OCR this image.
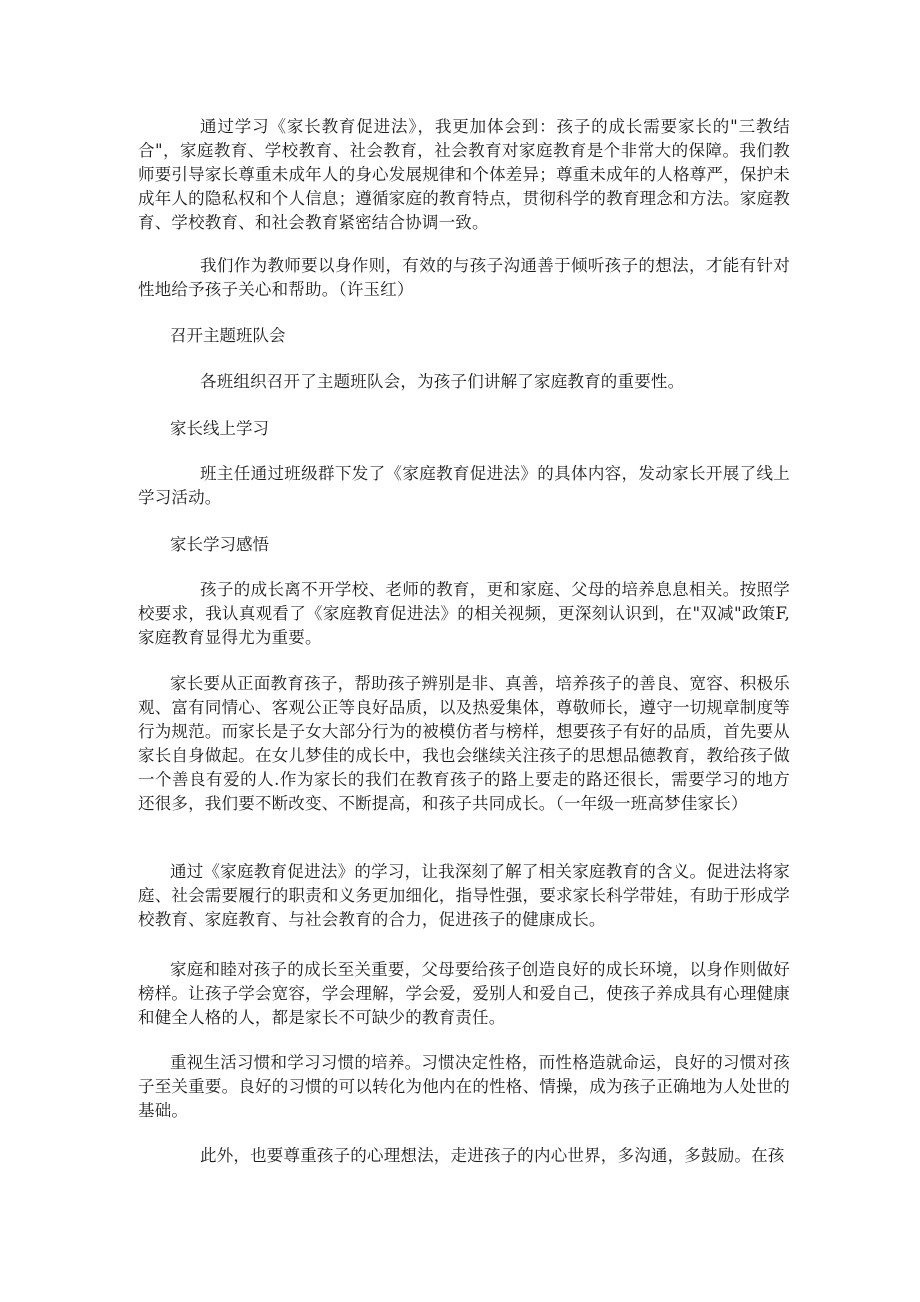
通过学习《家长教育促进法》，我更加体会到：孩子的成长需要家长的"三教结合"，家庭教育、学校教育、社会教育，社会教育对家庭教育是个非常大的保障。我们教师要引导家长尊重未成年人的身心发展规律和个体差异；尊重未成年的人格尊严，保护未成年人的隐私权和个人信息；遵循家庭的教育特点，贯彻科学的教育理念和方法。家庭教育、学校教育、和社会教育紧密结合协调一致。

我们作为教师要以身作则，有效的与孩子沟通善于倾听孩子的想法，才能有针对性地给予孩子关心和帮助。（许玉红）

召开主题班队会

各班组织召开了主题班队会，为孩子们讲解了家庭教育的重要性。

家长线上学习

班主任通过班级群下发了《家庭教育促进法》的具体内容，发动家长开展了线上学习活动。

家长学习感悟

孩子的成长离不开学校、老师的教育，更和家庭、父母的培养息息相关。按照学校要求，我认真观看了《家庭教育促进法》的相关视频，更深刻认识到，在"双减"政策F,家庭教育显得尤为重要。

家长要从正面教育孩子，帮助孩子辨别是非、真善，培养孩子的善良、宽容、积极乐观、富有同情心、客观公正等良好品质，以及热爱集体，尊敬师长，遵守一切规章制度等行为规范。而家长是子女大部分行为的被模仿者与榜样，想要孩子有好的品质，首先要从家长自身做起。在女儿梦佳的成长中，我也会继续关注孩子的思想品德教育，教给孩子做一个善良有爱的人.作为家长的我们在教育孩子的路上要走的路还很长，需要学习的地方还很多，我们要不断改变、不断提高，和孩子共同成长。（一年级一班高梦佳家长）

通过《家庭教育促进法》的学习，让我深刻了解了相关家庭教育的含义。促进法将家庭、社会需要履行的职责和义务更加细化，指导性强，要求家长科学带娃，有助于形成学校教育、家庭教育、与社会教育的合力，促进孩子的健康成长。

家庭和睦对孩子的成长至关重要，父母要给孩子创造良好的成长环境，以身作则做好榜样。让孩子学会宽容，学会理解，学会爱，爱别人和爱自己，使孩子养成具有心理健康和健全人格的人，都是家长不可缺少的教育责任。

重视生活习惯和学习习惯的培养。习惯决定性格，而性格造就命运，良好的习惯对孩子至关重要。良好的习惯的可以转化为他内在的性格、情操，成为孩子正确地为人处世的基础。

此外，也要尊重孩子的心理想法，走进孩子的内心世界，多沟通，多鼓励。在孩
